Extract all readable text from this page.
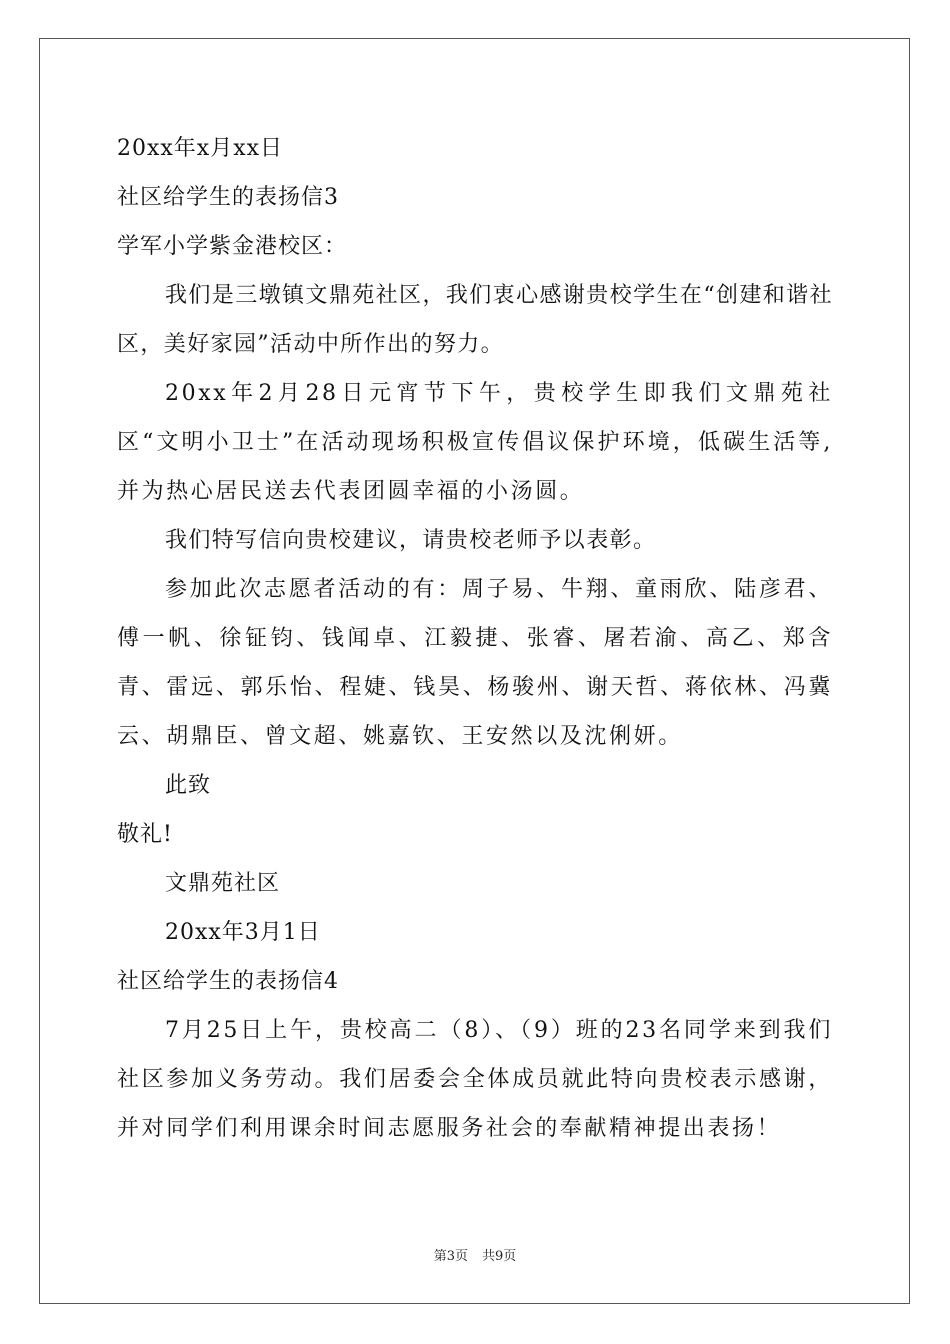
20xx年x月xx日
社区给学生的表扬信3
学军小学紫金港校区：
我们是三墩镇文鼎苑社区，我们衷心感谢贵校学生在“创建和谐社区，美好家园”活动中所作出的努力。
20xx年2月28日元宵节下午，贵校学生即我们文鼎苑社区“文明小卫士”在活动现场积极宣传倡议保护环境，低碳生活等,并为热心居民送去代表团圆幸福的小汤圆。
我们特写信向贵校建议，请贵校老师予以表彰。
参加此次志愿者活动的有：周子易、牛翔、童雨欣、陆彦君、傅一帆、徐钲钧、钱闻卓、江毅捷、张睿、屠若渝、高乙、郑含青、雷远、郭乐怡、程婕、钱昊、杨骏州、谢天哲、蒋依林、冯冀云、胡鼎臣、曾文超、姚嘉钦、王安然以及沈俐妍。
此致
敬礼!
文鼎苑社区
20xx年3月1日
社区给学生的表扬信4
7月25日上午，贵校高二（8）、（9）班的23名同学来到我们社区参加义务劳动。我们居委会全体成员就此特向贵校表示感谢，并对同学们利用课余时间志愿服务社会的奉献精神提出表扬！
第3页 共9页
